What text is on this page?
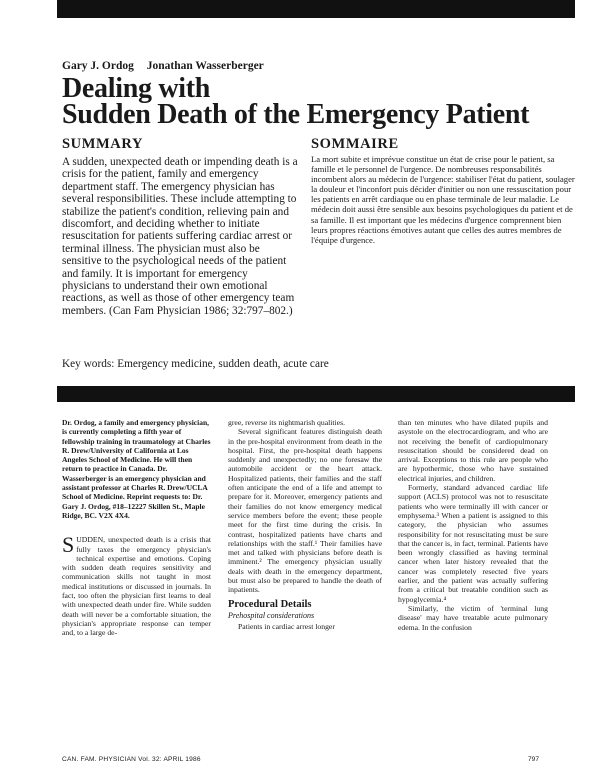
Gary J. Ordog Jonathan Wasserberger
Dealing with
Sudden Death of the Emergency Patient
SUMMARY	SOMMAIRE
A sudden, unexpected death or impending death is a crisis for the patient, family and emergency department staff. The emergency physician has several responsibilities. These include attempting to stabilize the patient's condition, relieving pain and discomfort, and deciding whether to initiate resuscitation for patients suffering cardiac arrest or terminal illness. The physician must also be sensitive to the psychological needs of the patient and family. It is important for emergency physicians to understand their own emotional reactions, as well as those of other emergency team members. (Can Fam Physician 1986; 32:797–802.)
La mort subite et imprévue constitue un état de crise pour le patient, sa famille et le personnel de l'urgence. De nombreuses responsabilités incombent alors au médecin de l'urgence: stabiliser l'état du patient, soulager la douleur et l'inconfort puis décider d'initier ou non une ressuscitation pour les patients en arrêt cardiaque ou en phase terminale de leur maladie. Le médecin doit aussi être sensible aux besoins psychologiques du patient et de sa famille. Il est important que les médecins d'urgence comprennent bien leurs propres réactions émotives autant que celles des autres membres de l'équipe d'urgence.
Key words: Emergency medicine, sudden death, acute care
Dr. Ordog, a family and emergency physician, is currently completing a fifth year of fellowship training in traumatology at Charles R. Drew/University of California at Los Angeles School of Medicine. He will then return to practice in Canada. Dr. Wasserberger is an emergency physician and assistant professor at Charles R. Drew/UCLA School of Medicine. Reprint requests to: Dr. Gary J. Ordog, #18–12227 Skillen St., Maple Ridge, BC. V2X 4X4.
SUDDEN, unexpected death is a crisis that fully taxes the emergency physician's technical expertise and emotions. Coping with sudden death requires sensitivity and communication skills not taught in most medical institutions or discussed in journals. In fact, too often the physician first learns to deal with unexpected death under fire. While sudden death will never be a comfortable situation, the physician's appropriate response can temper and, to a large de-
gree, reverse its nightmarish qualities.
Several significant features distinguish death in the pre-hospital environment from death in the hospital. First, the pre-hospital death happens suddenly and unexpectedly; no one foresaw the automobile accident or the heart attack. Hospitalized patients, their families and the staff often anticipate the end of a life and attempt to prepare for it. Moreover, emergency patients and their families do not know emergency medical service members before the event; these people meet for the first time during the crisis. In contrast, hospitalized patients have charts and relationships with the staff.¹ Their families have met and talked with physicians before death is imminent.² The emergency physician usually deals with death in the emergency department, but must also be prepared to handle the death of inpatients.
Procedural Details
Prehospital considerations
Patients in cardiac arrest longer
than ten minutes who have dilated pupils and asystole on the electrocardiogram, and who are not receiving the benefit of cardiopulmonary resuscitation should be considered dead on arrival. Exceptions to this rule are people who are hypothermic, those who have sustained electrical injuries, and children.
Formerly, standard advanced cardiac life support (ACLS) protocol was not to resuscitate patients who were terminally ill with cancer or emphysema.³ When a patient is assigned to this category, the physician who assumes responsibility for not resuscitating must be sure that the cancer is, in fact, terminal. Patients have been wrongly classified as having terminal cancer when later history revealed that the cancer was completely resected five years earlier, and the patient was actually suffering from a critical but treatable condition such as hypoglycemia.⁴
Similarly, the victim of 'terminal lung disease' may have treatable acute pulmonary edema. In the confusion
CAN. FAM. PHYSICIAN Vol. 32: APRIL 1986	797
